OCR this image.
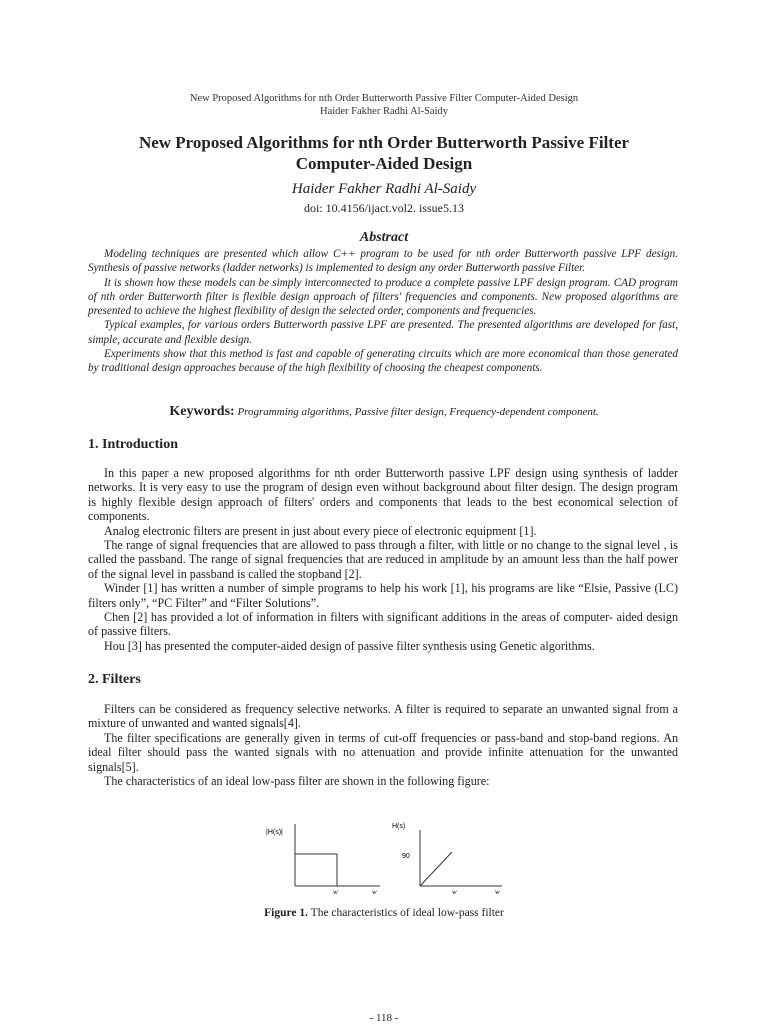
New Proposed Algorithms for nth Order Butterworth Passive Filter Computer-Aided Design
Haider Fakher Radhi Al-Saidy
New Proposed Algorithms for nth Order Butterworth Passive Filter Computer-Aided Design
Haider Fakher Radhi Al-Saidy
doi: 10.4156/ijact.vol2. issue5.13
Abstract

Modeling techniques are presented which allow C++ program to be used for nth order Butterworth passive LPF design. Synthesis of passive networks (ladder networks) is implemented to design any order Butterworth passive Filter.

It is shown how these models can be simply interconnected to produce a complete passive LPF design program. CAD program of nth order Butterworth filter is flexible design approach of filters' frequencies and components. New proposed algorithms are presented to achieve the highest flexibility of design the selected order, components and frequencies.

Typical examples, for various orders Butterworth passive LPF are presented. The presented algorithms are developed for fast, simple, accurate and flexible design.

Experiments show that this method is fast and capable of generating circuits which are more economical than those generated by traditional design approaches because of the high flexibility of choosing the cheapest components.

Keywords: Programming algorithms, Passive filter design, Frequency-dependent component.
1. Introduction

In this paper a new proposed algorithms for nth order Butterworth passive LPF design using synthesis of ladder networks. It is very easy to use the program of design even without background about filter design. The design program is highly flexible design approach of filters' orders and components that leads to the best economical selection of components.

Analog electronic filters are present in just about every piece of electronic equipment [1].

The range of signal frequencies that are allowed to pass through a filter, with little or no change to the signal level , is called the passband. The range of signal frequencies that are reduced in amplitude by an amount less than the half power of the signal level in passband is called the stopband [2].

Winder [1] has written a number of simple programs to help his work [1], his programs are like “Elsie, Passive (LC) filters only”, “PC Filter” and “Filter Solutions”.

Chen [2] has provided a lot of information in filters with significant additions in the areas of computer- aided design of passive filters.

Hou [3] has presented the computer-aided design of passive filter synthesis using Genetic algorithms.

2. Filters

Filters can be considered as frequency selective networks. A filter is required to separate an unwanted signal from a mixture of unwanted and wanted signals[4].

The filter specifications are generally given in terms of cut-off frequencies or pass-band and stop-band regions. An ideal filter should pass the wanted signals with no attenuation and provide infinite attenuation for the unwanted signals[5].

The characteristics of an ideal low-pass filter are shown in the following figure:

|H(s)|
w	w
H(s)
90
w	w
Figure 1. The characteristics of ideal low-pass filter
- 118 -
